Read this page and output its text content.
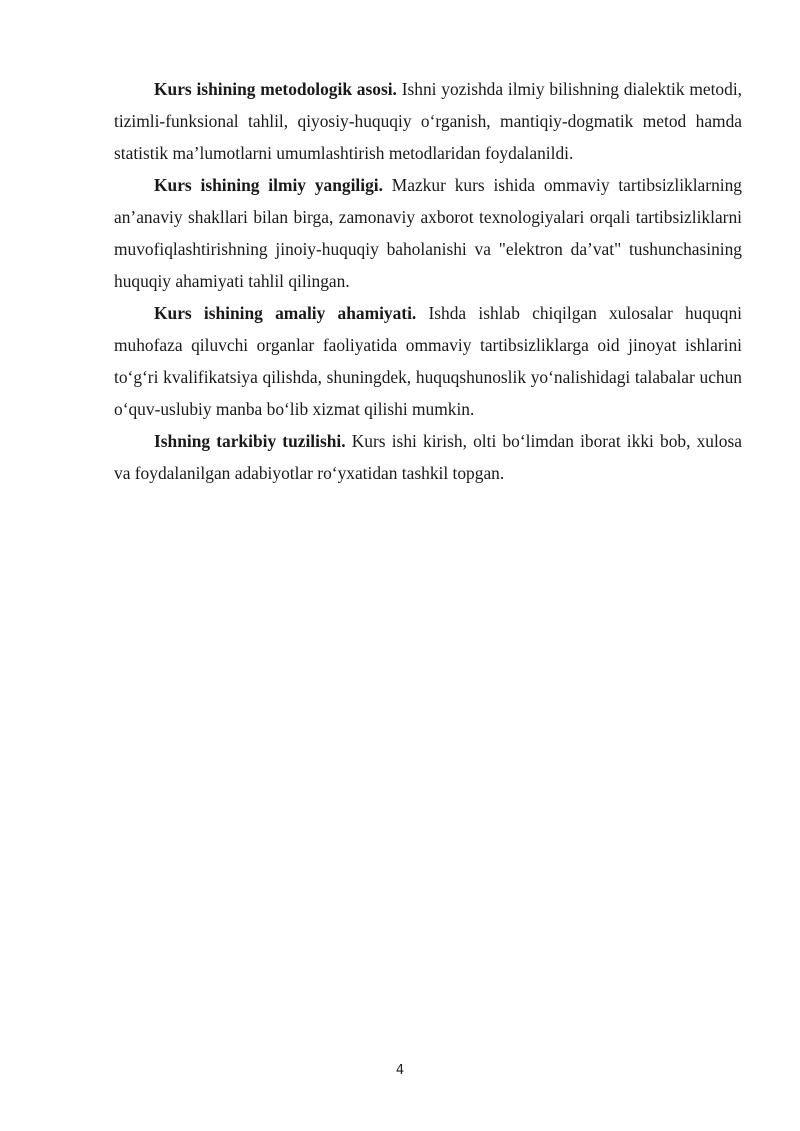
Kurs ishining metodologik asosi. Ishni yozishda ilmiy bilishning dialektik metodi, tizimli-funksional tahlil, qiyosiy-huquqiy o‘rganish, mantiqiy-dogmatik metod hamda statistik ma’lumotlarni umumlashtirish metodlaridan foydalanildi.

Kurs ishining ilmiy yangiligi. Mazkur kurs ishida ommaviy tartibsizliklarning an’anaviy shakllari bilan birga, zamonaviy axborot texnologiyalari orqali tartibsizliklarni muvofiqlashtirishning jinoiy-huquqiy baholanishi va "elektron da’vat" tushunchasining huquqiy ahamiyati tahlil qilingan.

Kurs ishining amaliy ahamiyati. Ishda ishlab chiqilgan xulosalar huquqni muhofaza qiluvchi organlar faoliyatida ommaviy tartibsizliklarga oid jinoyat ishlarini to‘g‘ri kvalifikatsiya qilishda, shuningdek, huquqshunoslik yo‘nalishidagi talabalar uchun o‘quv-uslubiy manba bo‘lib xizmat qilishi mumkin.

Ishning tarkibiy tuzilishi. Kurs ishi kirish, olti bo‘limdan iborat ikki bob, xulosa va foydalanilgan adabiyotlar ro‘yxatidan tashkil topgan.

4
